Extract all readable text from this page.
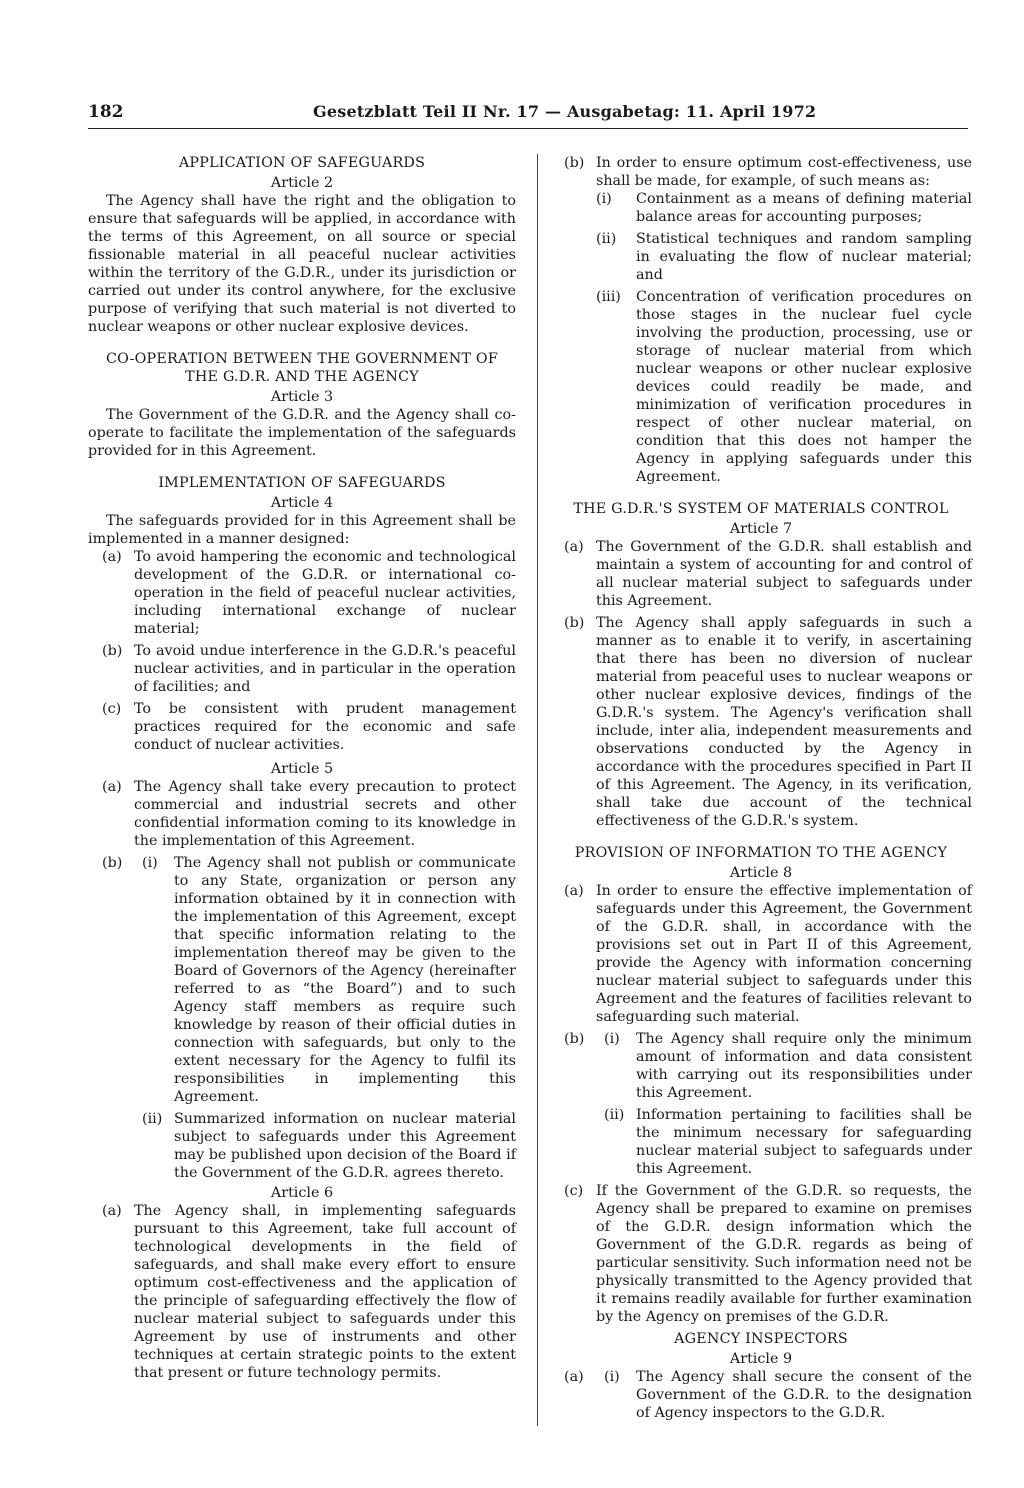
182	Gesetzblatt Teil II Nr. 17 — Ausgabetag: 11. April 1972
APPLICATION OF SAFEGUARDS
Article 2
The Agency shall have the right and the obligation to ensure that safeguards will be applied, in accordance with the terms of this Agreement, on all source or special fissionable material in all peaceful nuclear activities within the territory of the G.D.R., under its jurisdiction or carried out under its control anywhere, for the exclusive purpose of verifying that such material is not diverted to nuclear weapons or other nuclear explosive devices.
CO-OPERATION BETWEEN THE GOVERNMENT OF THE G.D.R. AND THE AGENCY
Article 3
The Government of the G.D.R. and the Agency shall co-operate to facilitate the implementation of the safeguards provided for in this Agreement.
IMPLEMENTATION OF SAFEGUARDS
Article 4
The safeguards provided for in this Agreement shall be implemented in a manner designed:
(a) To avoid hampering the economic and technological development of the G.D.R. or international co-operation in the field of peaceful nuclear activities, including international exchange of nuclear material;
(b) To avoid undue interference in the G.D.R.'s peaceful nuclear activities, and in particular in the operation of facilities; and
(c) To be consistent with prudent management practices required for the economic and safe conduct of nuclear activities.
Article 5
(a) The Agency shall take every precaution to protect commercial and industrial secrets and other confidential information coming to its knowledge in the implementation of this Agreement.
(b) (i) The Agency shall not publish or communicate to any State, organization or person any information obtained by it in connection with the implementation of this Agreement, except that specific information relating to the implementation thereof may be given to the Board of Governors of the Agency (hereinafter referred to as “the Board”) and to such Agency staff members as require such knowledge by reason of their official duties in connection with safeguards, but only to the extent necessary for the Agency to fulfil its responsibilities in implementing this Agreement.
(ii) Summarized information on nuclear material subject to safeguards under this Agreement may be published upon decision of the Board if the Government of the G.D.R. agrees thereto.
Article 6
(a) The Agency shall, in implementing safeguards pursuant to this Agreement, take full account of technological developments in the field of safeguards, and shall make every effort to ensure optimum cost-effectiveness and the application of the principle of safeguarding effectively the flow of nuclear material subject to safeguards under this Agreement by use of instruments and other techniques at certain strategic points to the extent that present or future technology permits.
(b) In order to ensure optimum cost-effectiveness, use shall be made, for example, of such means as:
(i) Containment as a means of defining material balance areas for accounting purposes;
(ii) Statistical techniques and random sampling in evaluating the flow of nuclear material; and
(iii) Concentration of verification procedures on those stages in the nuclear fuel cycle involving the production, processing, use or storage of nuclear material from which nuclear weapons or other nuclear explosive devices could readily be made, and minimization of verification procedures in respect of other nuclear material, on condition that this does not hamper the Agency in applying safeguards under this Agreement.
THE G.D.R.'S SYSTEM OF MATERIALS CONTROL
Article 7
(a) The Government of the G.D.R. shall establish and maintain a system of accounting for and control of all nuclear material subject to safeguards under this Agreement.
(b) The Agency shall apply safeguards in such a manner as to enable it to verify, in ascertaining that there has been no diversion of nuclear material from peaceful uses to nuclear weapons or other nuclear explosive devices, findings of the G.D.R.'s system. The Agency's verification shall include, inter alia, independent measurements and observations conducted by the Agency in accordance with the procedures specified in Part II of this Agreement. The Agency, in its verification, shall take due account of the technical effectiveness of the G.D.R.'s system.
PROVISION OF INFORMATION TO THE AGENCY
Article 8
(a) In order to ensure the effective implementation of safeguards under this Agreement, the Government of the G.D.R. shall, in accordance with the provisions set out in Part II of this Agreement, provide the Agency with information concerning nuclear material subject to safeguards under this Agreement and the features of facilities relevant to safeguarding such material.
(b) (i) The Agency shall require only the minimum amount of information and data consistent with carrying out its responsibilities under this Agreement.
(ii) Information pertaining to facilities shall be the minimum necessary for safeguarding nuclear material subject to safeguards under this Agreement.
(c) If the Government of the G.D.R. so requests, the Agency shall be prepared to examine on premises of the G.D.R. design information which the Government of the G.D.R. regards as being of particular sensitivity. Such information need not be physically transmitted to the Agency provided that it remains readily available for further examination by the Agency on premises of the G.D.R.
AGENCY INSPECTORS
Article 9
(a) (i) The Agency shall secure the consent of the Government of the G.D.R. to the designation of Agency inspectors to the G.D.R.
